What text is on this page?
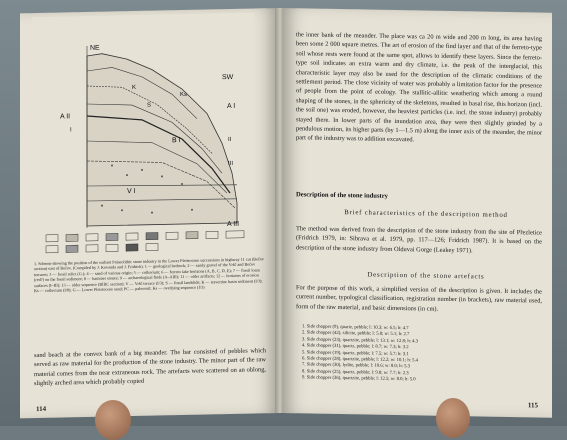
NE
SW
A I
A II
A III
I
II
III
B I
V I
Ks
K
S
1. Scheme showing the position of the earliest Palaeolithic stone industry in the Lower Pleistocene successions in highway 11 cut (Bečov section) east of Bečov. (Compiled by J. Kovanda and J. Fridrich). 1 — geological bedrock; 2 — sandy gravel of the Vršč and Bečov terraces; 3 — fossil relict (G.); 4 — sand of various origin; 5 — colluvium; 6 — ferreto lake horizons (A, B, C, D, E); 7 — fossil loam (red?) on the fossil sediment; 8 — hammer stones; 9 — archaeological finds (A–AIII); 11 — older artifacts; 12 — horizons of erosion surfaces (I–III); 13 — older sequence (BIIIC section); V — Vršč terrace (I/3); S — fossil landslide; K — travertine basin sediment (I/3); Ks — colluvium (I/8); G — Lower Pleistocene sand; PC — paleosoil; Ks — overlying sequence (I/3)
sand beach at the convex bank of a big meander. The bar consisted of pebbles which served as raw material for the production of the stone industry. The minor part of the raw material comes from the near extraneous rock. The artefacts were scattered on an oblong, slightly arched area which probably copied
114
the inner bank of the meander. The place was ca 20 m wide and 200 m long, its area having been some 2 000 square metres. The art of erosion of the find layer and that of the ferreto-type soil whose rests were found at the same spot, allows to identify these layers. Since the ferreto-type soil indicates an extra warm and dry climate, i.e. the peak of the interglacial, this characteristic layer may also be used for the description of the climatic conditions of the settlement period. The close vicinity of water was probably a limitation factor for the presence of people from the point of ecology. The stallitic-allitic weathering which among a round shaping of the stones, in the sphericity of the skeletons, resulted in basal rise, this horizon (incl. the soil one) was eroded, however, the heaviest particles (i.e. incl. the stone industry) probably stayed there. In lower parts of the inundation area, they were then slightly grinded by a pendulous motion, its higher parts (by 1—1.5 m) along the inner axis of the meander, the minor part of the industry was to addition excavated.
Description of the stone industry
Brief characteristics of the description method
The method was derived from the description of the stone industry from the site of Přezletice (Fridrich 1979, in: Sibrava et al. 1979, pp. 117—126; Fridrich 1987). It is based on the description of the stone industry from Olduvai Gorge (Leakey 1971).
Description of the stone artefacts
For the purpose of this work, a simplified version of the description is given. It includes the current number, typological classification, registration number (in brackets), raw material used, form of the raw material, and basic dimensions (in cm).
1. Side chopper (9), quartz, pebble; l: 10.3; w: 6.5; h: 4.7
2. Side chopper (42), silicite, pebble; l: 5.8; w: 5.1; h: 2.7
3. Side chopper (23), quartzite, pebble; l: 13.1; w: 12.8; h: 4.3
4. Side chopper (31), quartz, pebble; l: 8.7; w: 7.3; h: 3.2
5. Side chopper (19), quartz, pebble; l: 7.5; w: 5.7; h: 3.1
6. Side chopper (28), quartzite, pebble; l: 12.2; w: 10.1; h: 5.4
7. Side chopper (30), lydite, pebble; l: 10.6; w: 8.0; h: 5.3
8. Side chopper (25), quartz, pebble; l: 9.8; w: 7.7; h: 2.3
9. Side chopper (36), quartzite, pebble; l: 12.5; w: 8.0; h: 5.0
115
